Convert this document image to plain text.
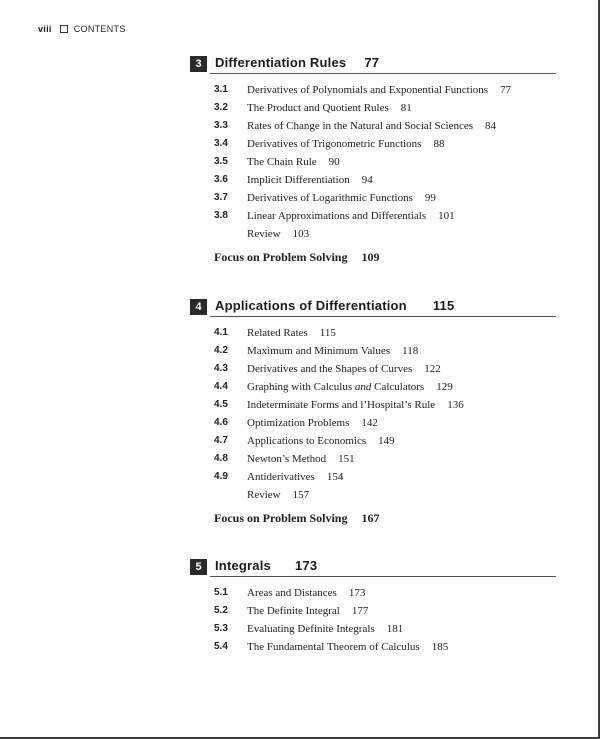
viii CONTENTS
3	Differentiation Rules 77
3.1 Derivatives of Polynomials and Exponential Functions 77
3.2 The Product and Quotient Rules 81
3.3 Rates of Change in the Natural and Social Sciences 84
3.4 Derivatives of Trigonometric Functions 88
3.5 The Chain Rule 90
3.6 Implicit Differentiation 94
3.7 Derivatives of Logarithmic Functions 99
3.8 Linear Approximations and Differentials 101
Review 103
Focus on Problem Solving 109
4	Applications of Differentiation 115
4.1 Related Rates 115
4.2 Maximum and Minimum Values 118
4.3 Derivatives and the Shapes of Curves 122
4.4 Graphing with Calculus and Calculators 129
4.5 Indeterminate Forms and l’Hospital’s Rule 136
4.6 Optimization Problems 142
4.7 Applications to Economics 149
4.8 Newton’s Method 151
4.9 Antiderivatives 154
Review 157
Focus on Problem Solving 167
5	Integrals 173
5.1 Areas and Distances 173
5.2 The Definite Integral 177
5.3 Evaluating Definite Integrals 181
5.4 The Fundamental Theorem of Calculus 185
